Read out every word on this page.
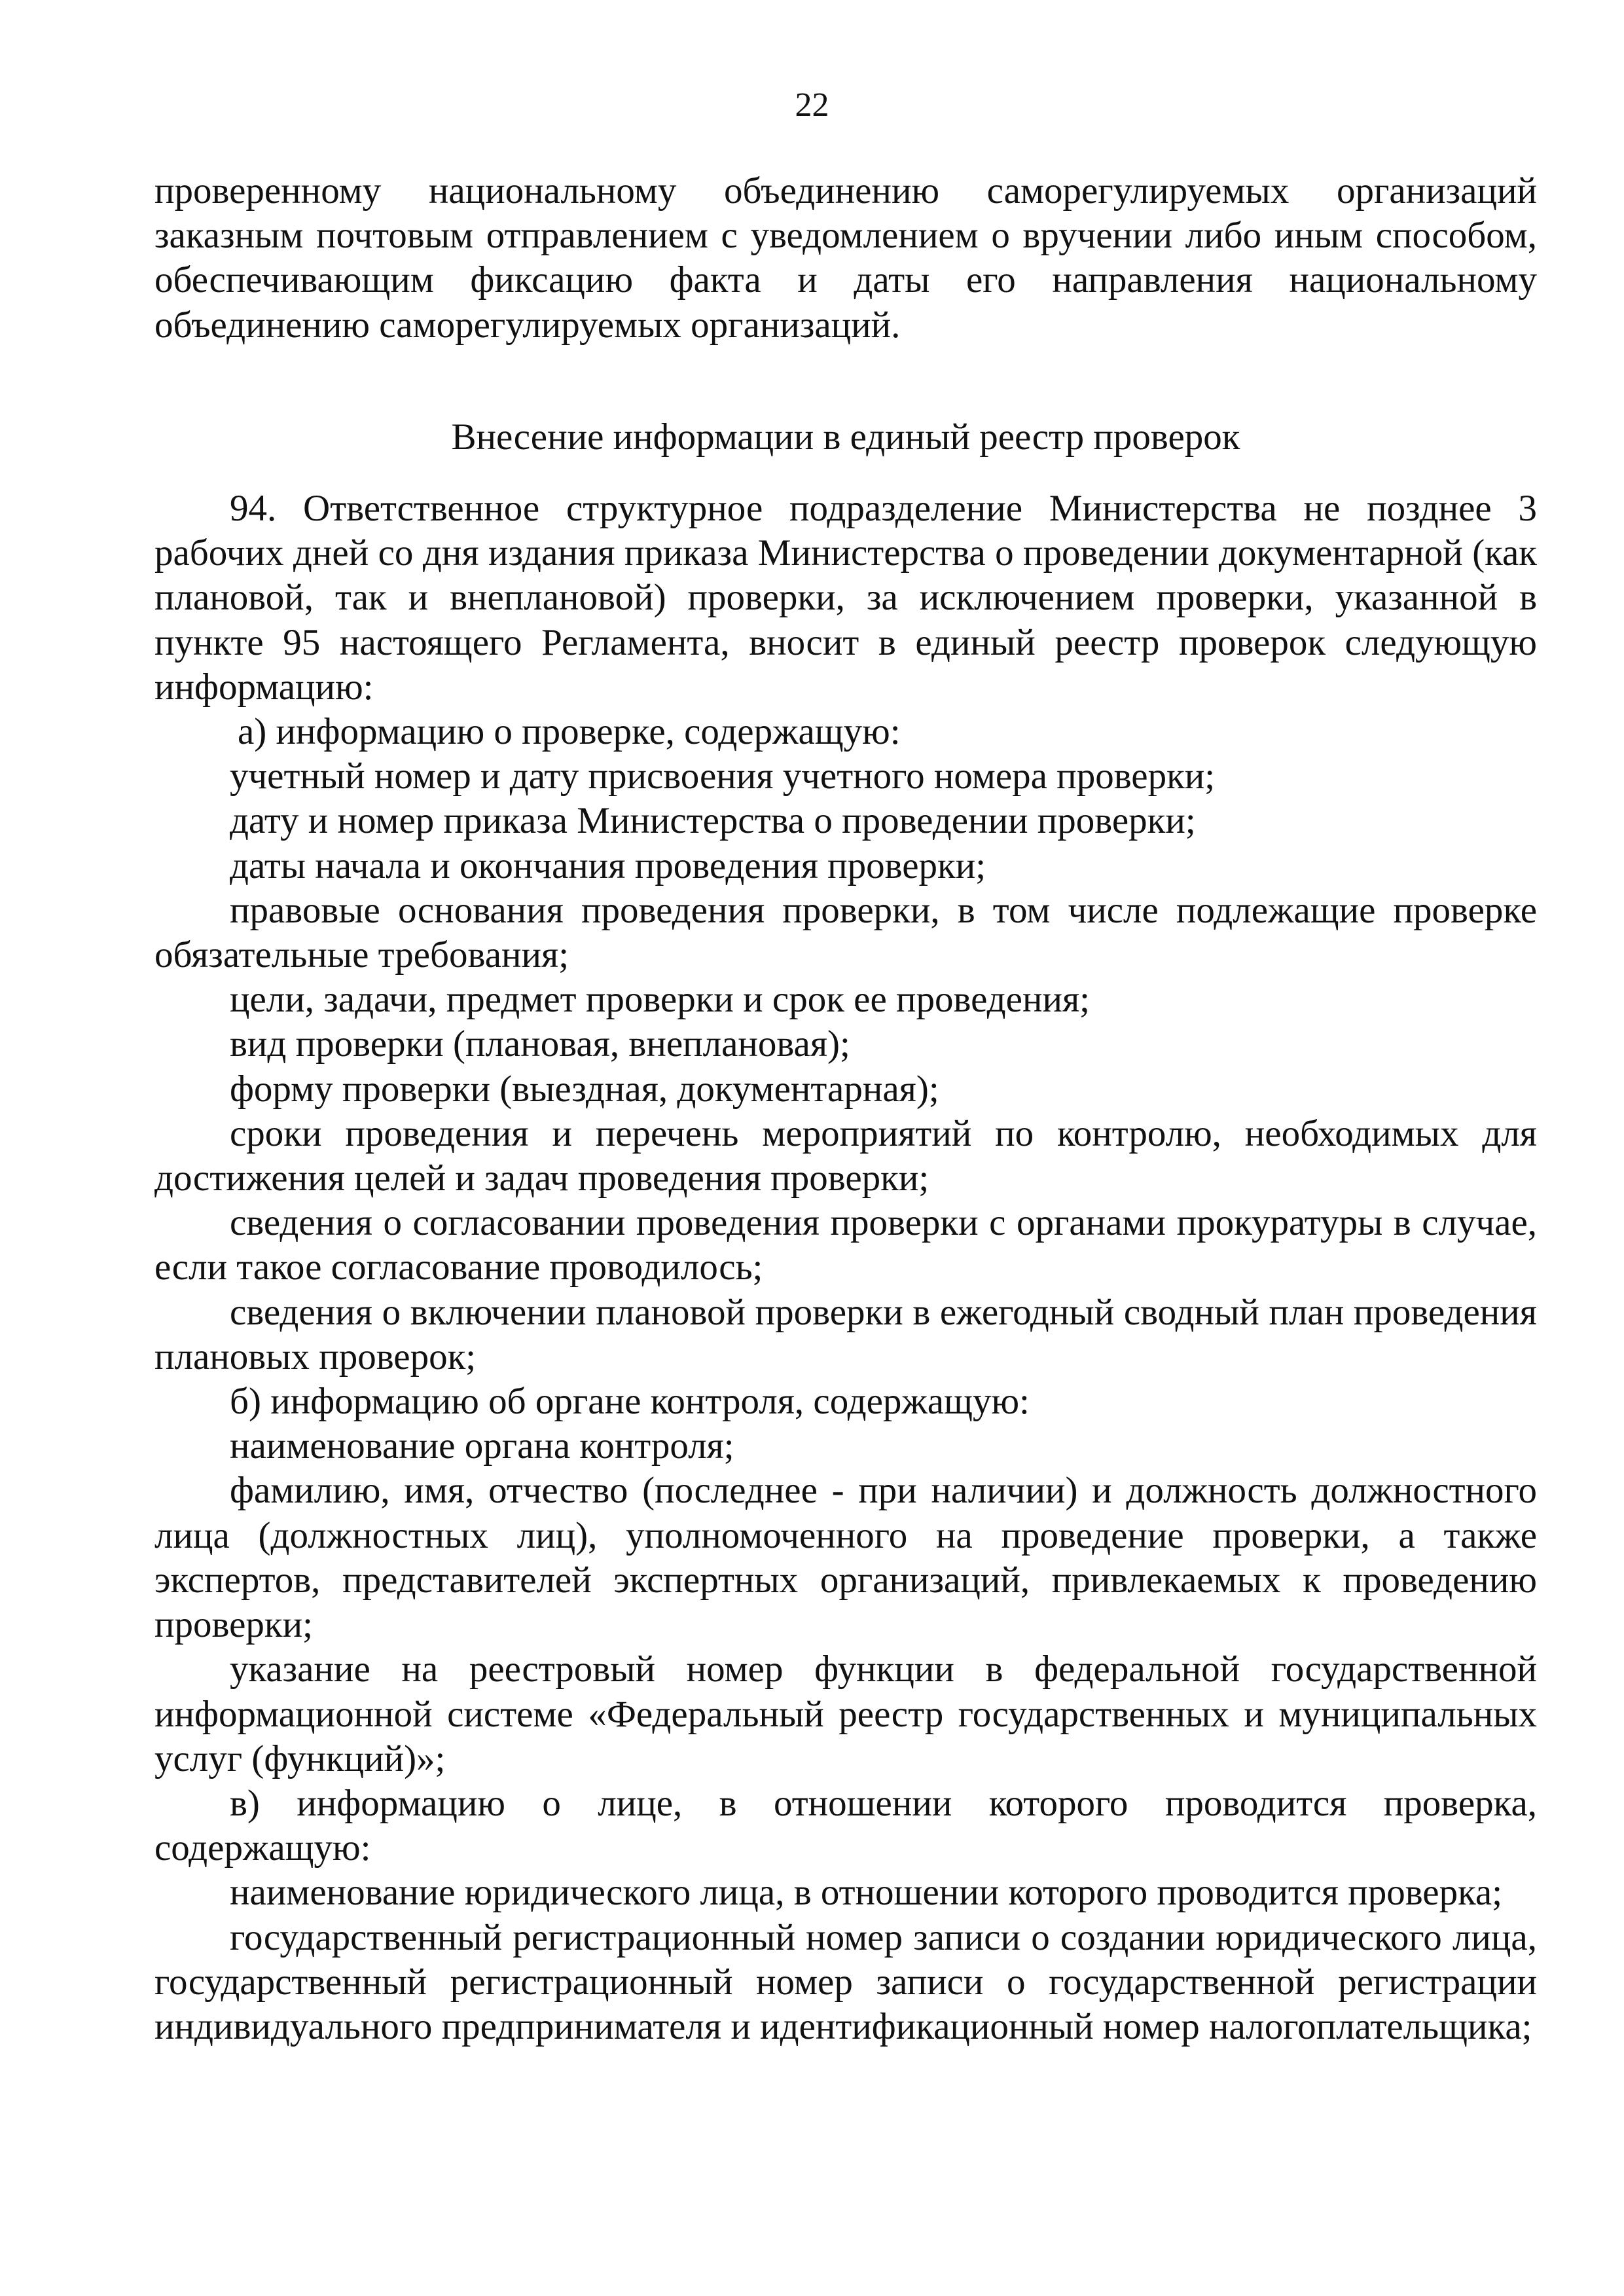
22

проверенному национальному объединению саморегулируемых организаций заказным почтовым отправлением с уведомлением о вручении либо иным способом, обеспечивающим фиксацию факта и даты его направления национальному объединению саморегулируемых организаций.

Внесение информации в единый реестр проверок

94. Ответственное структурное подразделение Министерства не позднее 3 рабочих дней со дня издания приказа Министерства о проведении документарной (как плановой, так и внеплановой) проверки, за исключением проверки, указанной в пункте 95 настоящего Регламента, вносит в единый реестр проверок следующую информацию:

а) информацию о проверке, содержащую:

учетный номер и дату присвоения учетного номера проверки;

дату и номер приказа Министерства о проведении проверки;

даты начала и окончания проведения проверки;

правовые основания проведения проверки, в том числе подлежащие проверке обязательные требования;

цели, задачи, предмет проверки и срок ее проведения;

вид проверки (плановая, внеплановая);

форму проверки (выездная, документарная);

сроки проведения и перечень мероприятий по контролю, необходимых для достижения целей и задач проведения проверки;

сведения о согласовании проведения проверки с органами прокуратуры в случае, если такое согласование проводилось;

сведения о включении плановой проверки в ежегодный сводный план проведения плановых проверок;

б) информацию об органе контроля, содержащую:

наименование органа контроля;

фамилию, имя, отчество (последнее - при наличии) и должность должностного лица (должностных лиц), уполномоченного на проведение проверки, а также экспертов, представителей экспертных организаций, привлекаемых к проведению проверки;

указание на реестровый номер функции в федеральной государственной информационной системе «Федеральный реестр государственных и муниципальных услуг (функций)»;

в) информацию о лице, в отношении которого проводится проверка, содержащую:

наименование юридического лица, в отношении которого проводится проверка;

государственный регистрационный номер записи о создании юридического лица, государственный регистрационный номер записи о государственной регистрации индивидуального предпринимателя и идентификационный номер налогоплательщика;
